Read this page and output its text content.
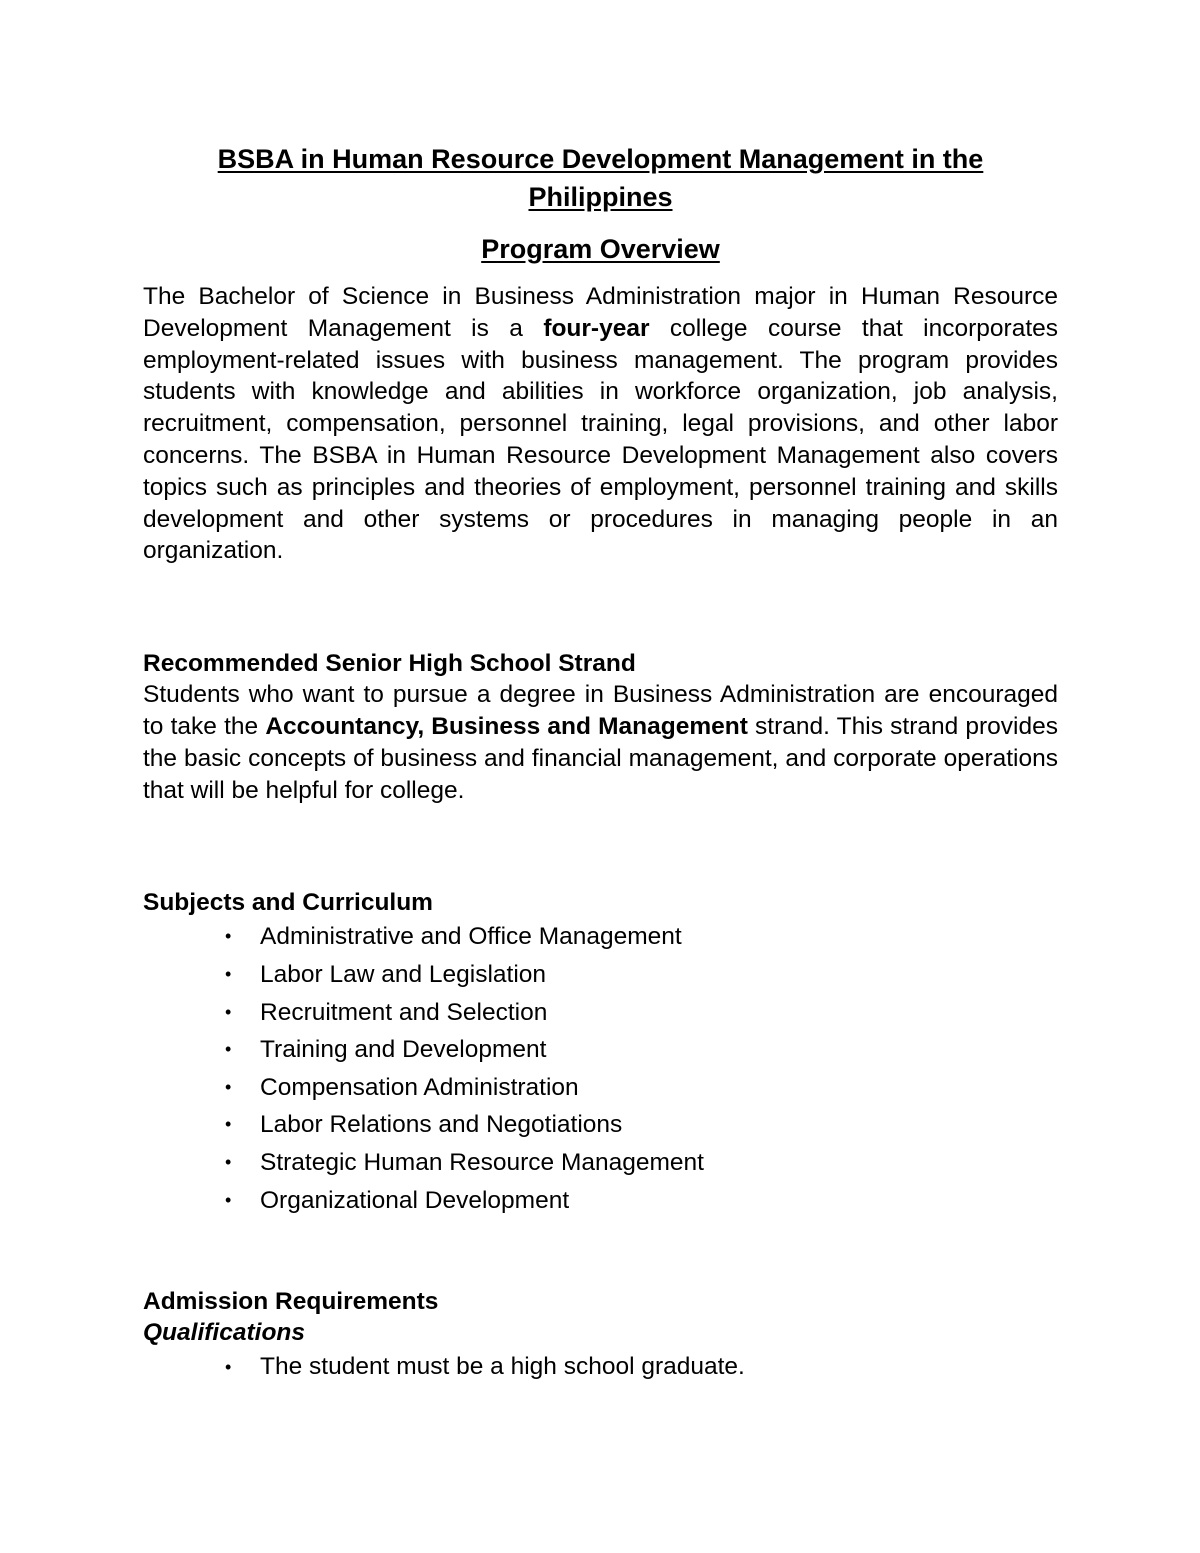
BSBA in Human Resource Development Management in the Philippines
Program Overview

The Bachelor of Science in Business Administration major in Human Resource Development Management is a four-year college course that incorporates employment-related issues with business management. The program provides students with knowledge and abilities in workforce organization, job analysis, recruitment, compensation, personnel training, legal provisions, and other labor concerns. The BSBA in Human Resource Development Management also covers topics such as principles and theories of employment, personnel training and skills development and other systems or procedures in managing people in an organization.

Recommended Senior High School Strand

Students who want to pursue a degree in Business Administration are encouraged to take the Accountancy, Business and Management strand. This strand provides the basic concepts of business and financial management, and corporate operations that will be helpful for college.

Subjects and Curriculum
• Administrative and Office Management
• Labor Law and Legislation
• Recruitment and Selection
• Training and Development
• Compensation Administration
• Labor Relations and Negotiations
• Strategic Human Resource Management
• Organizational Development
Admission Requirements
Qualifications
• The student must be a high school graduate.
